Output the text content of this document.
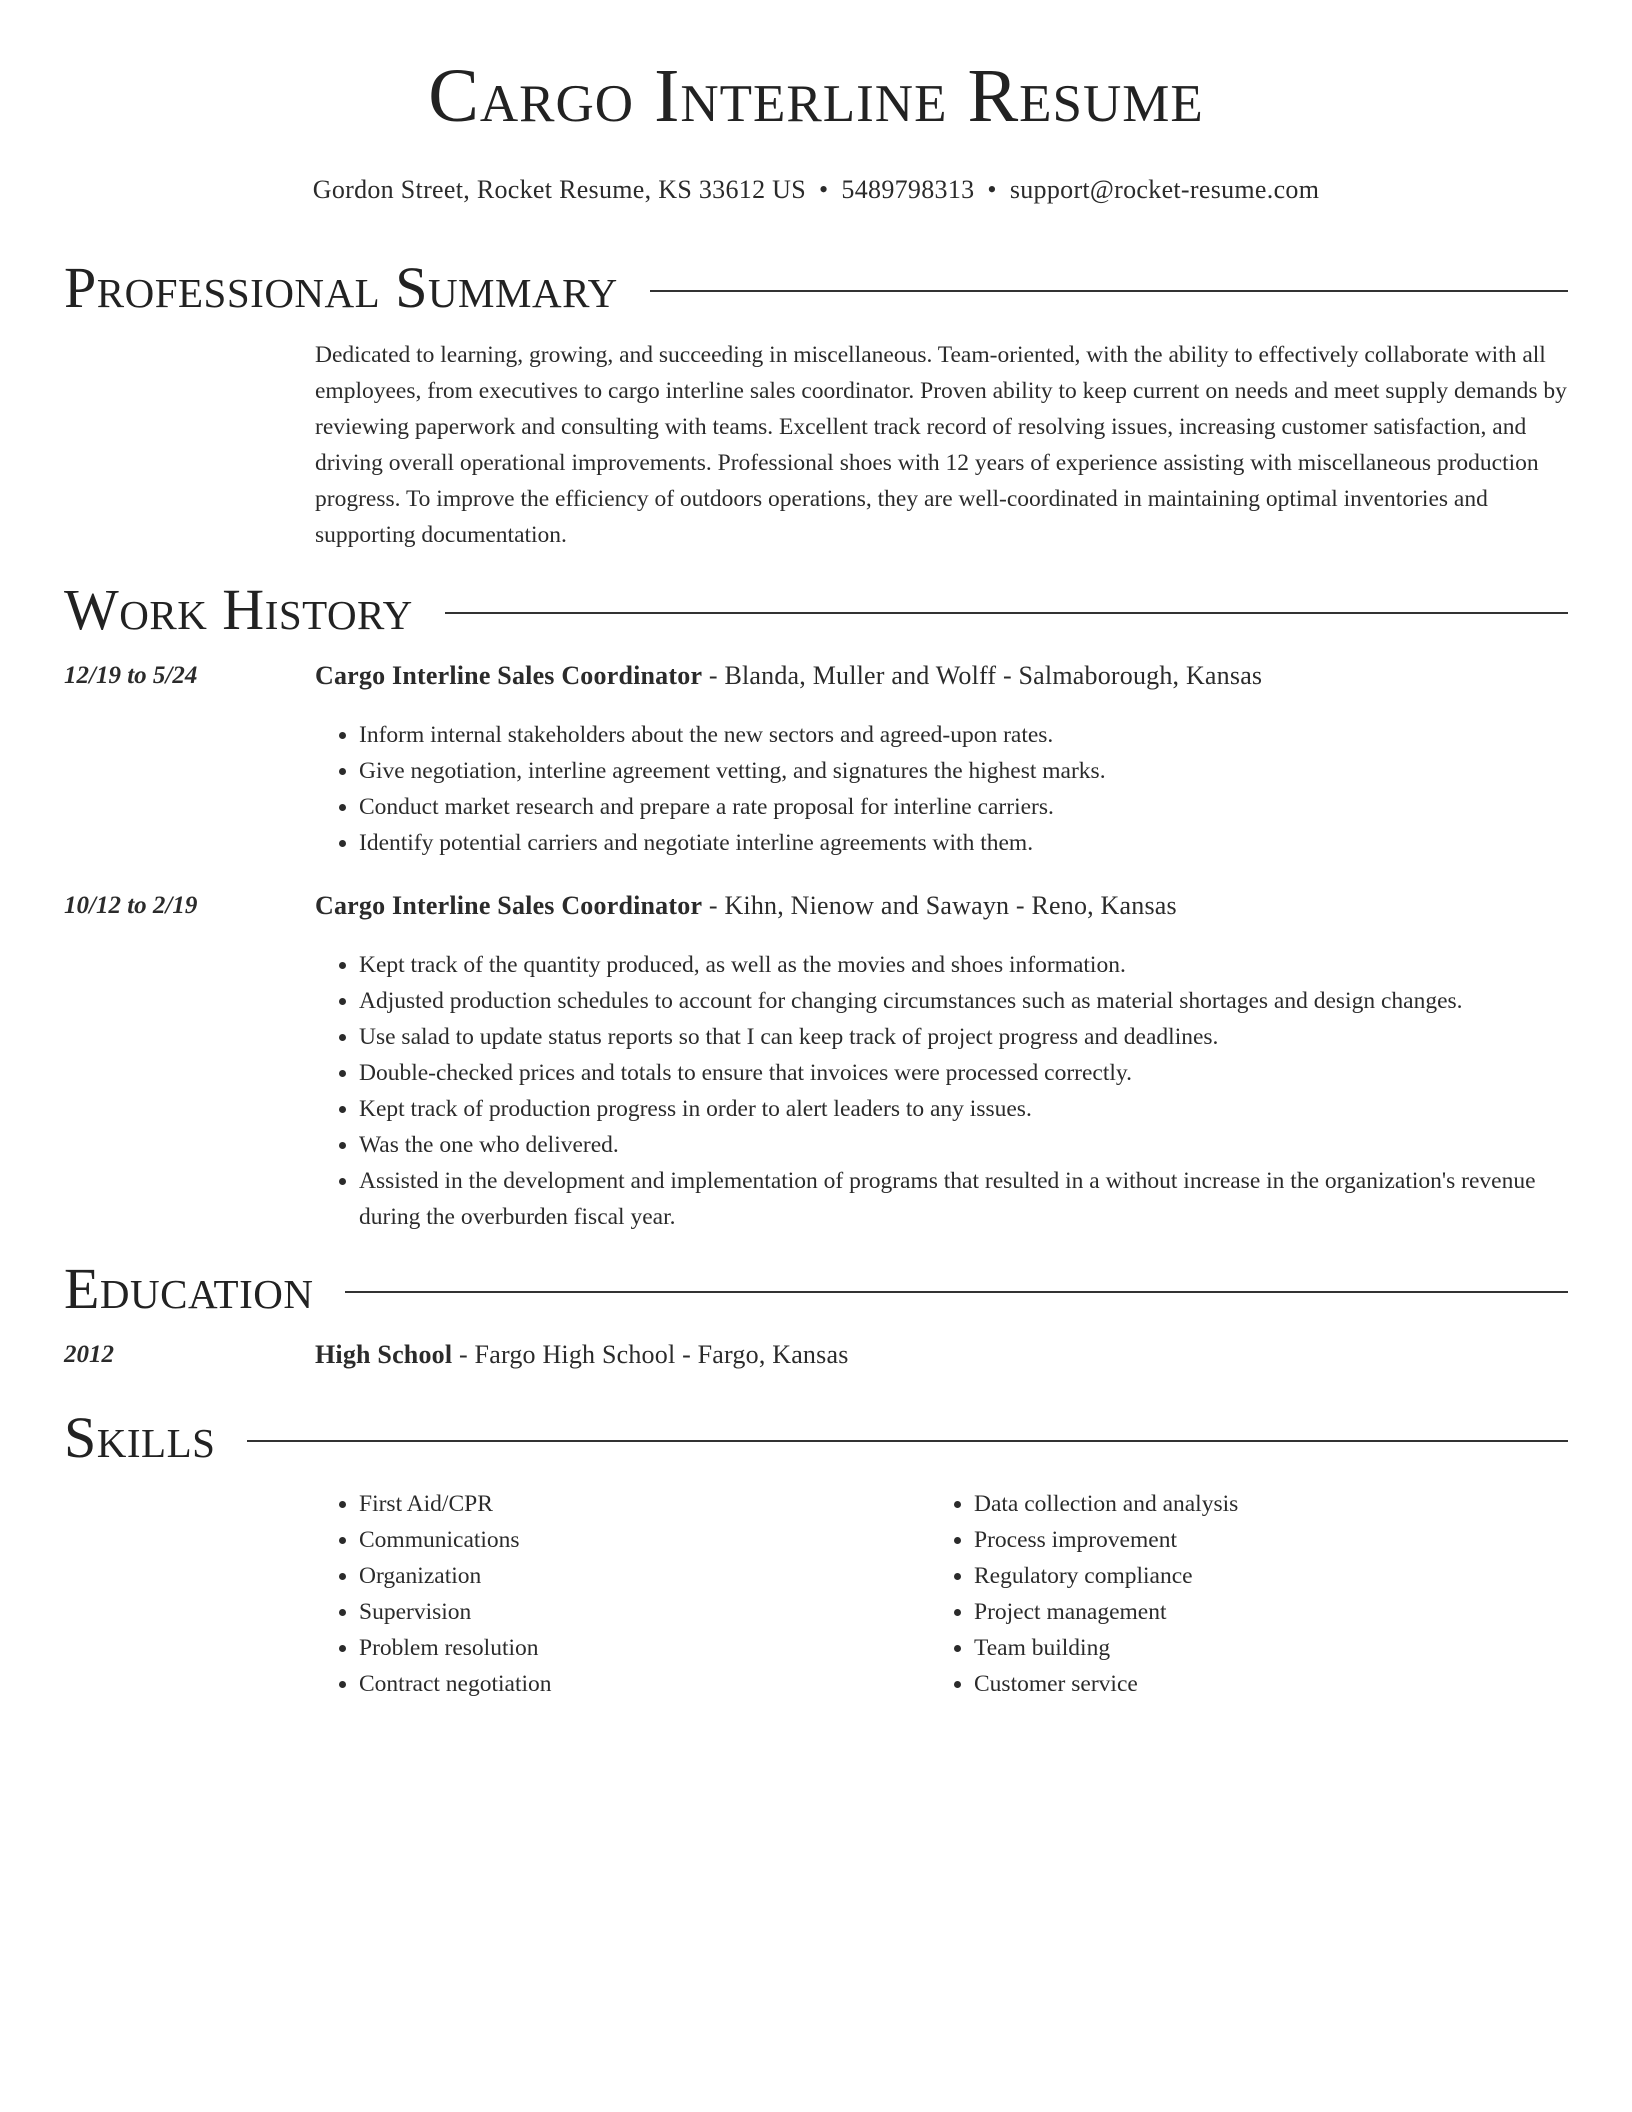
Cargo Interline Resume
Gordon Street, Rocket Resume, KS 33612 US • 5489798313 • support@rocket-resume.com
Professional Summary

Dedicated to learning, growing, and succeeding in miscellaneous. Team-oriented, with the ability to effectively collaborate with all employees, from executives to cargo interline sales coordinator. Proven ability to keep current on needs and meet supply demands by reviewing paperwork and consulting with teams. Excellent track record of resolving issues, increasing customer satisfaction, and driving overall operational improvements. Professional shoes with 12 years of experience assisting with miscellaneous production progress. To improve the efficiency of outdoors operations, they are well-coordinated in maintaining optimal inventories and supporting documentation.

Work History
12/19 to 5/24	Cargo Interline Sales Coordinator - Blanda, Muller and Wolff - Salmaborough, Kansas
• Inform internal stakeholders about the new sectors and agreed-upon rates.
• Give negotiation, interline agreement vetting, and signatures the highest marks.
• Conduct market research and prepare a rate proposal for interline carriers.
• Identify potential carriers and negotiate interline agreements with them.
10/12 to 2/19	Cargo Interline Sales Coordinator - Kihn, Nienow and Sawayn - Reno, Kansas
• Kept track of the quantity produced, as well as the movies and shoes information.
• Adjusted production schedules to account for changing circumstances such as material shortages and design changes.
• Use salad to update status reports so that I can keep track of project progress and deadlines.
• Double-checked prices and totals to ensure that invoices were processed correctly.
• Kept track of production progress in order to alert leaders to any issues.
• Was the one who delivered.
• Assisted in the development and implementation of programs that resulted in a without increase in the organization's revenue during the overburden fiscal year.
Education
2012	High School - Fargo High School - Fargo, Kansas
Skills
• First Aid/CPR
• Communications
• Organization
• Supervision
• Problem resolution
• Contract negotiation
• Data collection and analysis
• Process improvement
• Regulatory compliance
• Project management
• Team building
• Customer service
